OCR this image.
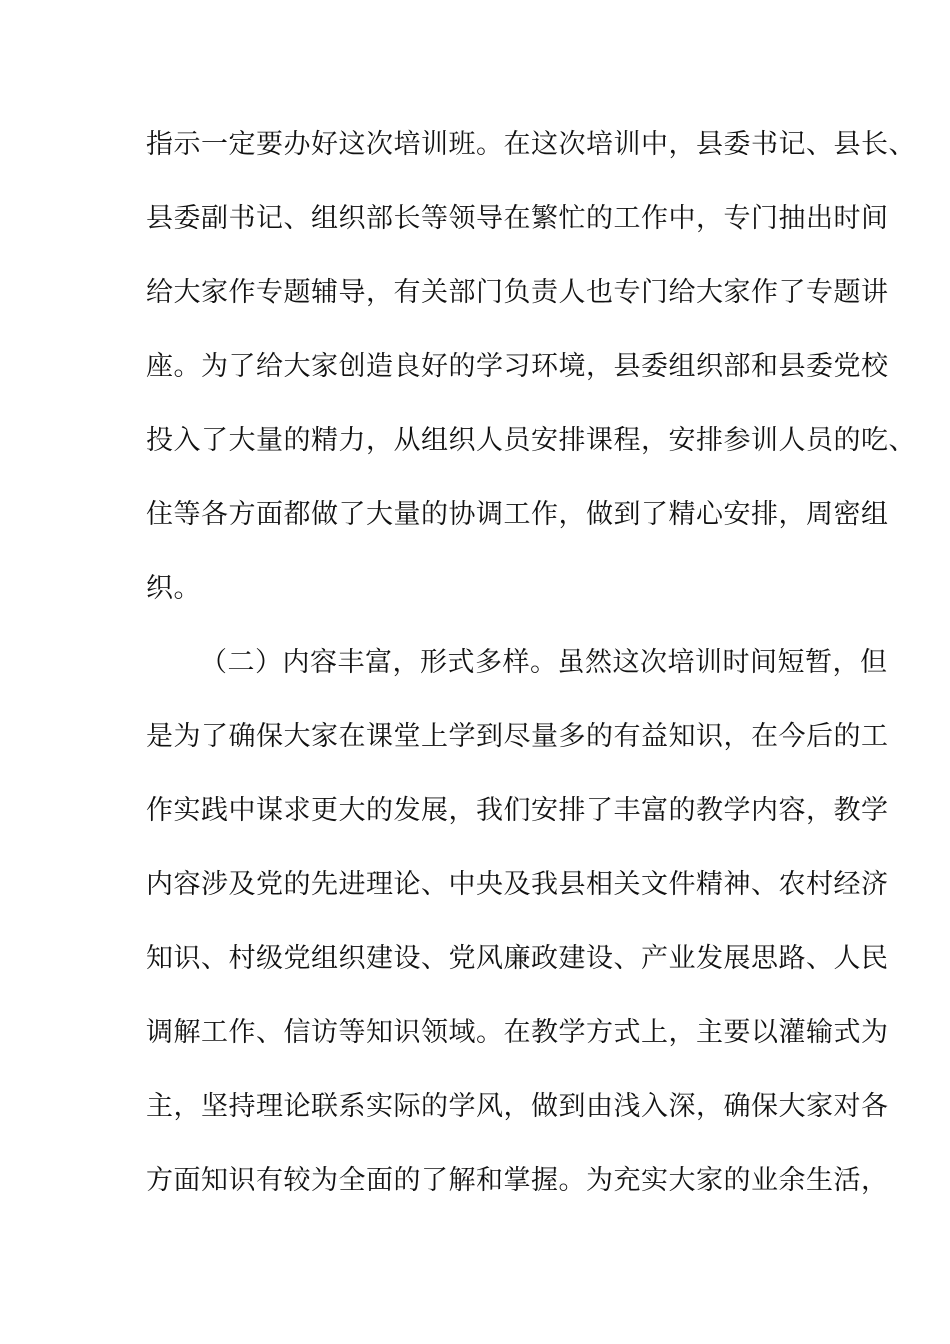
指示一定要办好这次培训班。在这次培训中，县委书记、县长、
县委副书记、组织部长等领导在繁忙的工作中，专门抽出时间
给大家作专题辅导，有关部门负责人也专门给大家作了专题讲
座。为了给大家创造良好的学习环境，县委组织部和县委党校
投入了大量的精力，从组织人员安排课程，安排参训人员的吃、
住等各方面都做了大量的协调工作，做到了精心安排，周密组
织。
（二）内容丰富，形式多样。虽然这次培训时间短暂，但
是为了确保大家在课堂上学到尽量多的有益知识，在今后的工
作实践中谋求更大的发展，我们安排了丰富的教学内容，教学
内容涉及党的先进理论、中央及我县相关文件精神、农村经济
知识、村级党组织建设、党风廉政建设、产业发展思路、人民
调解工作、信访等知识领域。在教学方式上，主要以灌输式为
主，坚持理论联系实际的学风，做到由浅入深，确保大家对各
方面知识有较为全面的了解和掌握。为充实大家的业余生活，
